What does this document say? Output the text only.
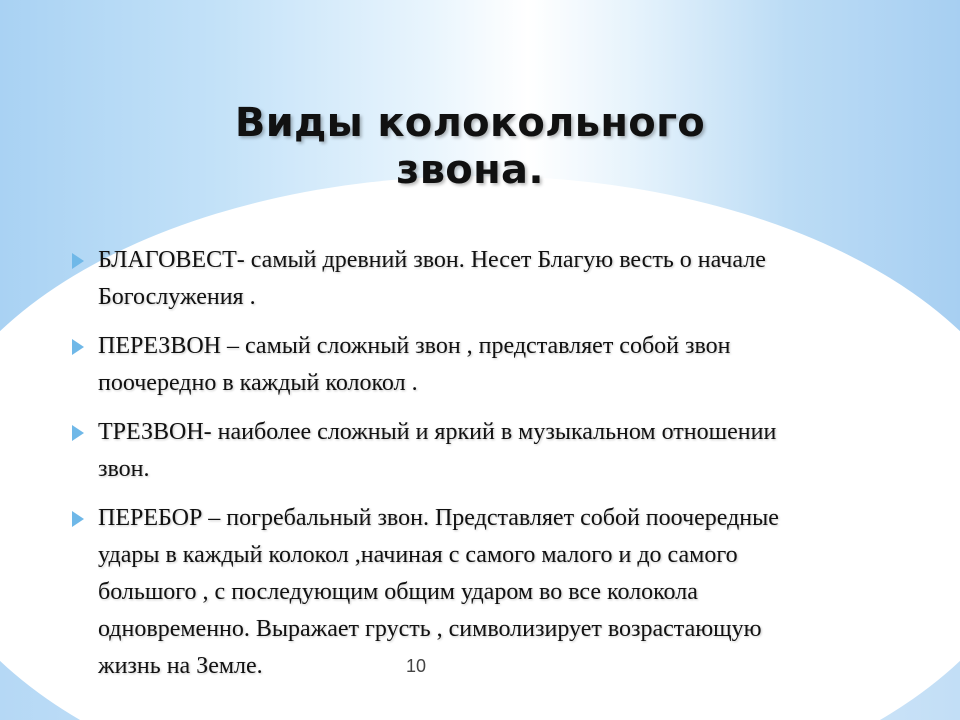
Виды колокольного звона.
БЛАГОВЕСТ- самый древний звон. Несет Благую весть о начале Богослужения .
ПЕРЕЗВОН – самый сложный звон , представляет собой звон поочередно в каждый колокол .
ТРЕЗВОН- наиболее сложный и яркий в музыкальном отношении звон.
ПЕРЕБОР – погребальный звон. Представляет собой поочередные удары в каждый колокол ,начиная с самого малого и до самого большого , с последующим общим ударом во все колокола одновременно. Выражает грусть , символизирует возрастающую жизнь на Земле.	10
